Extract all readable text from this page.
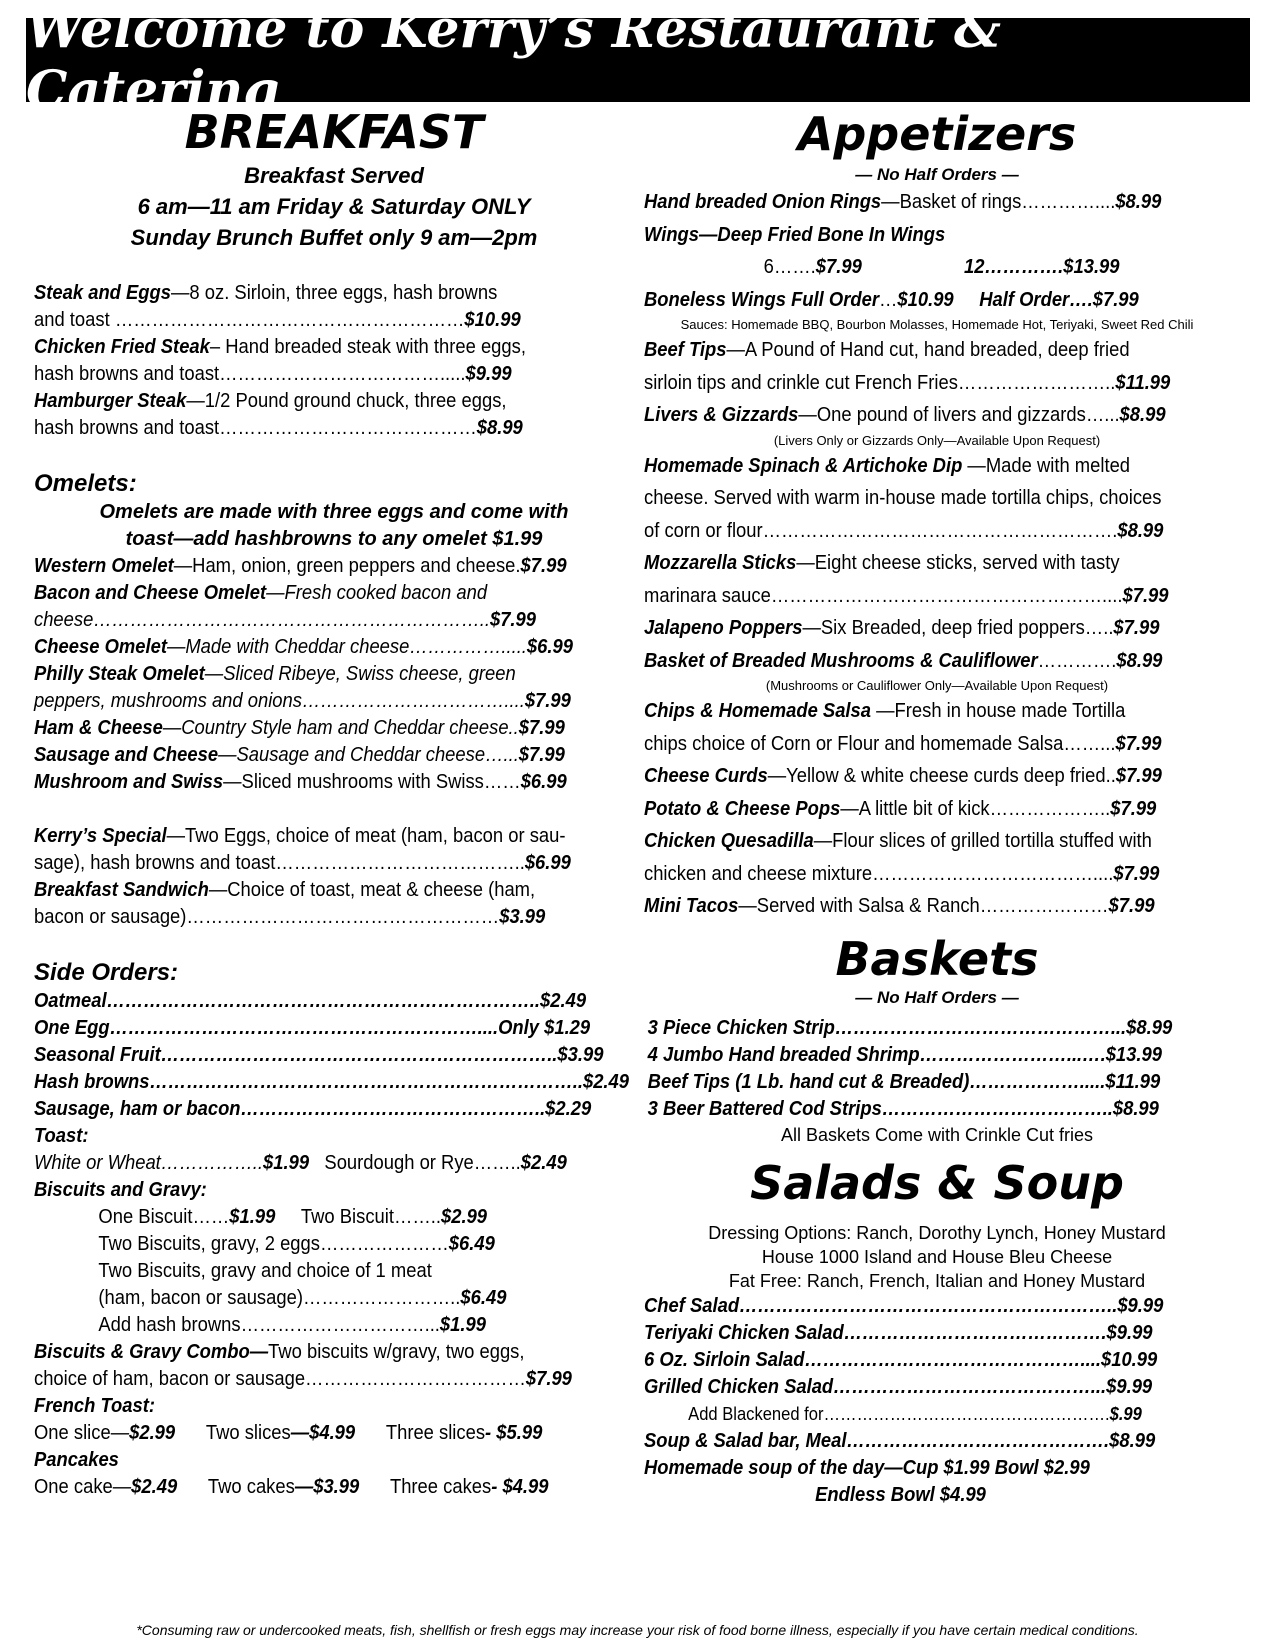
Welcome to Kerry’s Restaurant & Catering
BREAKFAST
Breakfast Served
6 am—11 am Friday & Saturday ONLY
Sunday Brunch Buffet only 9 am—2pm
Steak and Eggs—8 oz. Sirloin, three eggs, hash browns
and toast …………………………………………………$10.99
Chicken Fried Steak– Hand breaded steak with three eggs,
hash browns and toast……………………………….....$9.99
Hamburger Steak—1/2 Pound ground chuck, three eggs,
hash browns and toast……………………………………$8.99
Omelets:
Omelets are made with three eggs and come with
toast—add hashbrowns to any omelet $1.99
Western Omelet—Ham, onion, green peppers and cheese.$7.99
Bacon and Cheese Omelet—Fresh cooked bacon and
cheese………………………………………………………..$7.99
Cheese Omelet—Made with Cheddar cheese…………….....$6.99
Philly Steak Omelet—Sliced Ribeye, Swiss cheese, green
peppers, mushrooms and onions……………………………....$7.99
Ham & Cheese—Country Style ham and Cheddar cheese..$7.99
Sausage and Cheese—Sausage and Cheddar cheese…...$7.99
Mushroom and Swiss—Sliced mushrooms with Swiss……$6.99
Kerry’s Special—Two Eggs, choice of meat (ham, bacon or sau-
sage), hash browns and toast…………………………………..$6.99
Breakfast Sandwich—Choice of toast, meat & cheese (ham,
bacon or sausage)……………………………………………$3.99
Side Orders:
Oatmeal……………………………………………………………..$2.49
One Egg……………………………………………………....Only $1.29
Seasonal Fruit………………………………………………………..$3.99
Hash browns……………………………………………………………..$2.49
Sausage, ham or bacon…………………………………………..$2.29
Toast:
White or Wheat……………..$1.99 Sourdough or Rye……..$2.49
Biscuits and Gravy:
One Biscuit……$1.99 Two Biscuit……..$2.99
Two Biscuits, gravy, 2 eggs…………………$6.49
Two Biscuits, gravy and choice of 1 meat
(ham, bacon or sausage)……………………..$6.49
Add hash browns…………………………...$1.99
Biscuits & Gravy Combo—Two biscuits w/gravy, two eggs,
choice of ham, bacon or sausage………………………………$7.99
French Toast:
One slice—$2.99 Two slices—$4.99 Three slices- $5.99
Pancakes
One cake—$2.49 Two cakes—$3.99 Three cakes- $4.99
Appetizers
— No Half Orders —
Hand breaded Onion Rings—Basket of rings…………....$8.99
Wings—Deep Fried Bone In Wings
6…….$7.99	12………….$13.99
Boneless Wings Full Order…$10.99 Half Order….$7.99
Sauces: Homemade BBQ, Bourbon Molasses, Homemade Hot, Teriyaki, Sweet Red Chili
Beef Tips—A Pound of Hand cut, hand breaded, deep fried
sirloin tips and crinkle cut French Fries……………………..$11.99
Livers & Gizzards—One pound of livers and gizzards…...$8.99
(Livers Only or Gizzards Only—Available Upon Request)
Homemade Spinach & Artichoke Dip —Made with melted
cheese. Served with warm in-house made tortilla chips, choices
of corn or flour………………………………………………….$8.99
Mozzarella Sticks—Eight cheese sticks, served with tasty
marinara sauce………………………………………………....$7.99
Jalapeno Poppers—Six Breaded, deep fried poppers…..$7.99
Basket of Breaded Mushrooms & Cauliflower………….$8.99
(Mushrooms or Cauliflower Only—Available Upon Request)
Chips & Homemade Salsa —Fresh in house made Tortilla
chips choice of Corn or Flour and homemade Salsa……...$7.99
Cheese Curds—Yellow & white cheese curds deep fried..$7.99
Potato & Cheese Pops—A little bit of kick………………..$7.99
Chicken Quesadilla—Flour slices of grilled tortilla stuffed with
chicken and cheese mixture………………………………....$7.99
Mini Tacos—Served with Salsa & Ranch…………………$7.99
Baskets
— No Half Orders —
3 Piece Chicken Strip………………………………………...$8.99
4 Jumbo Hand breaded Shrimp……………………...….$13.99
Beef Tips (1 Lb. hand cut & Breaded)……………….....$11.99
3 Beer Battered Cod Strips………………………………..$8.99
All Baskets Come with Crinkle Cut fries
Salads & Soup
Dressing Options: Ranch, Dorothy Lynch, Honey Mustard
House 1000 Island and House Bleu Cheese
Fat Free: Ranch, French, Italian and Honey Mustard
Chef Salad……………………………………………………..$9.99
Teriyaki Chicken Salad…………………………………….$9.99
6 Oz. Sirloin Salad………………………………………....$10.99
Grilled Chicken Salad……………………………………...$9.99
Add Blackened for…………………………………………….$.99
Soup & Salad bar, Meal…………………………………….$8.99
Homemade soup of the day—Cup $1.99 Bowl $2.99
Endless Bowl $4.99
*Consuming raw or undercooked meats, fish, shellfish or fresh eggs may increase your risk of food borne illness, especially if you have certain medical conditions.
